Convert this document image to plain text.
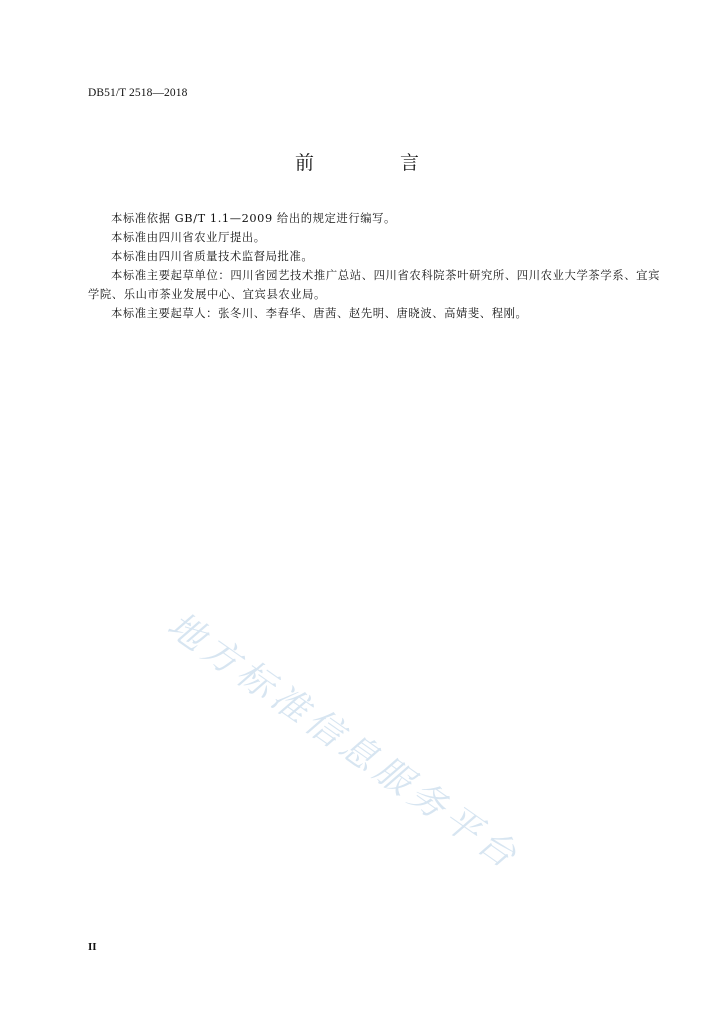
DB51/T 2518—2018
前 言

本标准依据 GB/T 1.1—2009 给出的规定进行编写。

本标准由四川省农业厅提出。

本标准由四川省质量技术监督局批准。

本标准主要起草单位：四川省园艺技术推广总站、四川省农科院茶叶研究所、四川农业大学茶学系、宜宾学院、乐山市茶业发展中心、宜宾县农业局。

本标准主要起草人：张冬川、李春华、唐茜、赵先明、唐晓波、高婧斐、程刚。

地方标准信息服务平台
II
